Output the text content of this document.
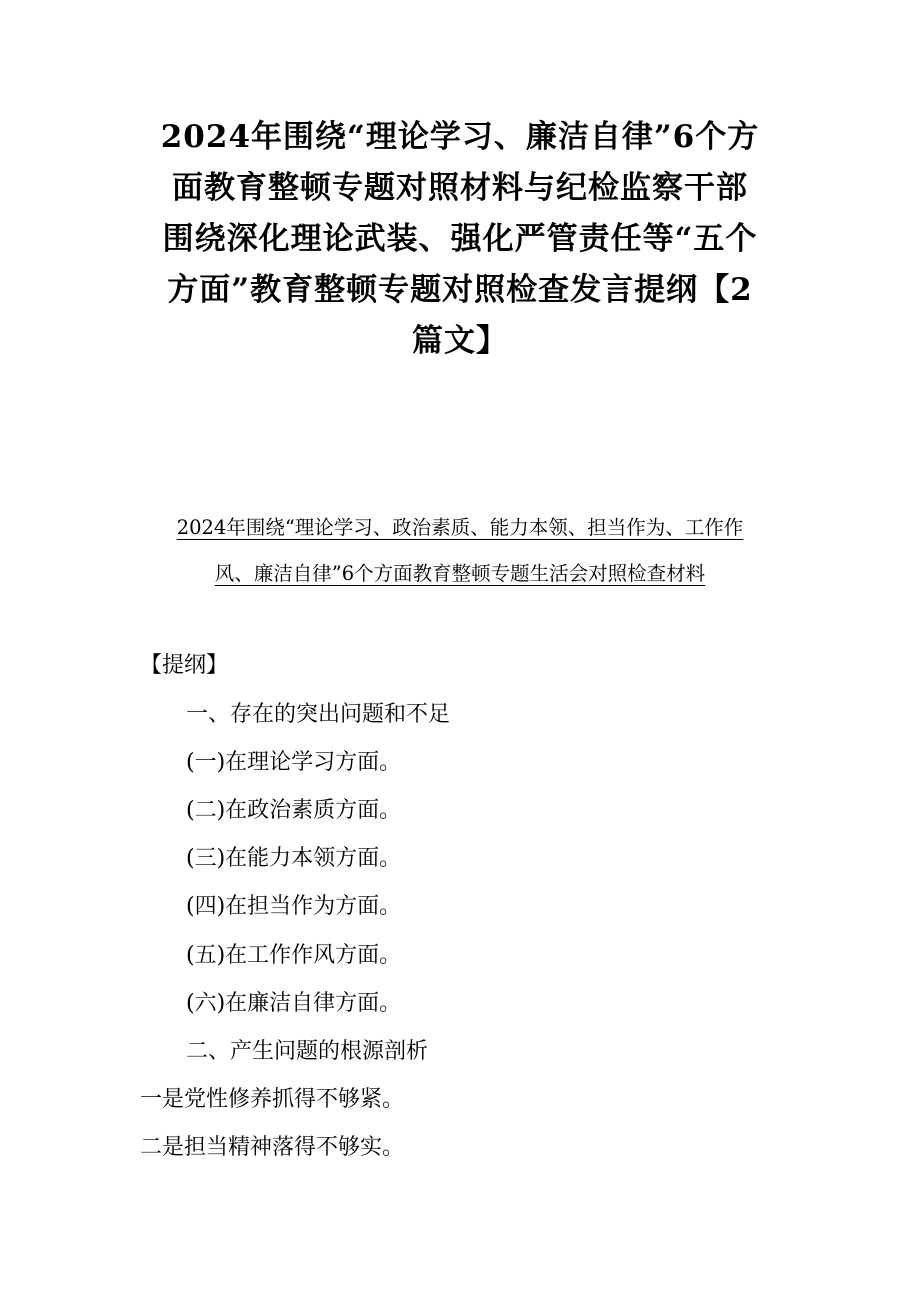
2024年围绕“理论学习、廉洁自律”6个方
面教育整顿专题对照材料与纪检监察干部
围绕深化理论武装、强化严管责任等“五个
方面”教育整顿专题对照检查发言提纲【2
篇文】
2024年围绕“理论学习、政治素质、能力本领、担当作为、工作作
风、廉洁自律”6个方面教育整顿专题生活会对照检查材料
【提纲】
一、存在的突出问题和不足
(一)在理论学习方面。
(二)在政治素质方面。
(三)在能力本领方面。
(四)在担当作为方面。
(五)在工作作风方面。
(六)在廉洁自律方面。
二、产生问题的根源剖析
一是党性修养抓得不够紧。
二是担当精神落得不够实。
